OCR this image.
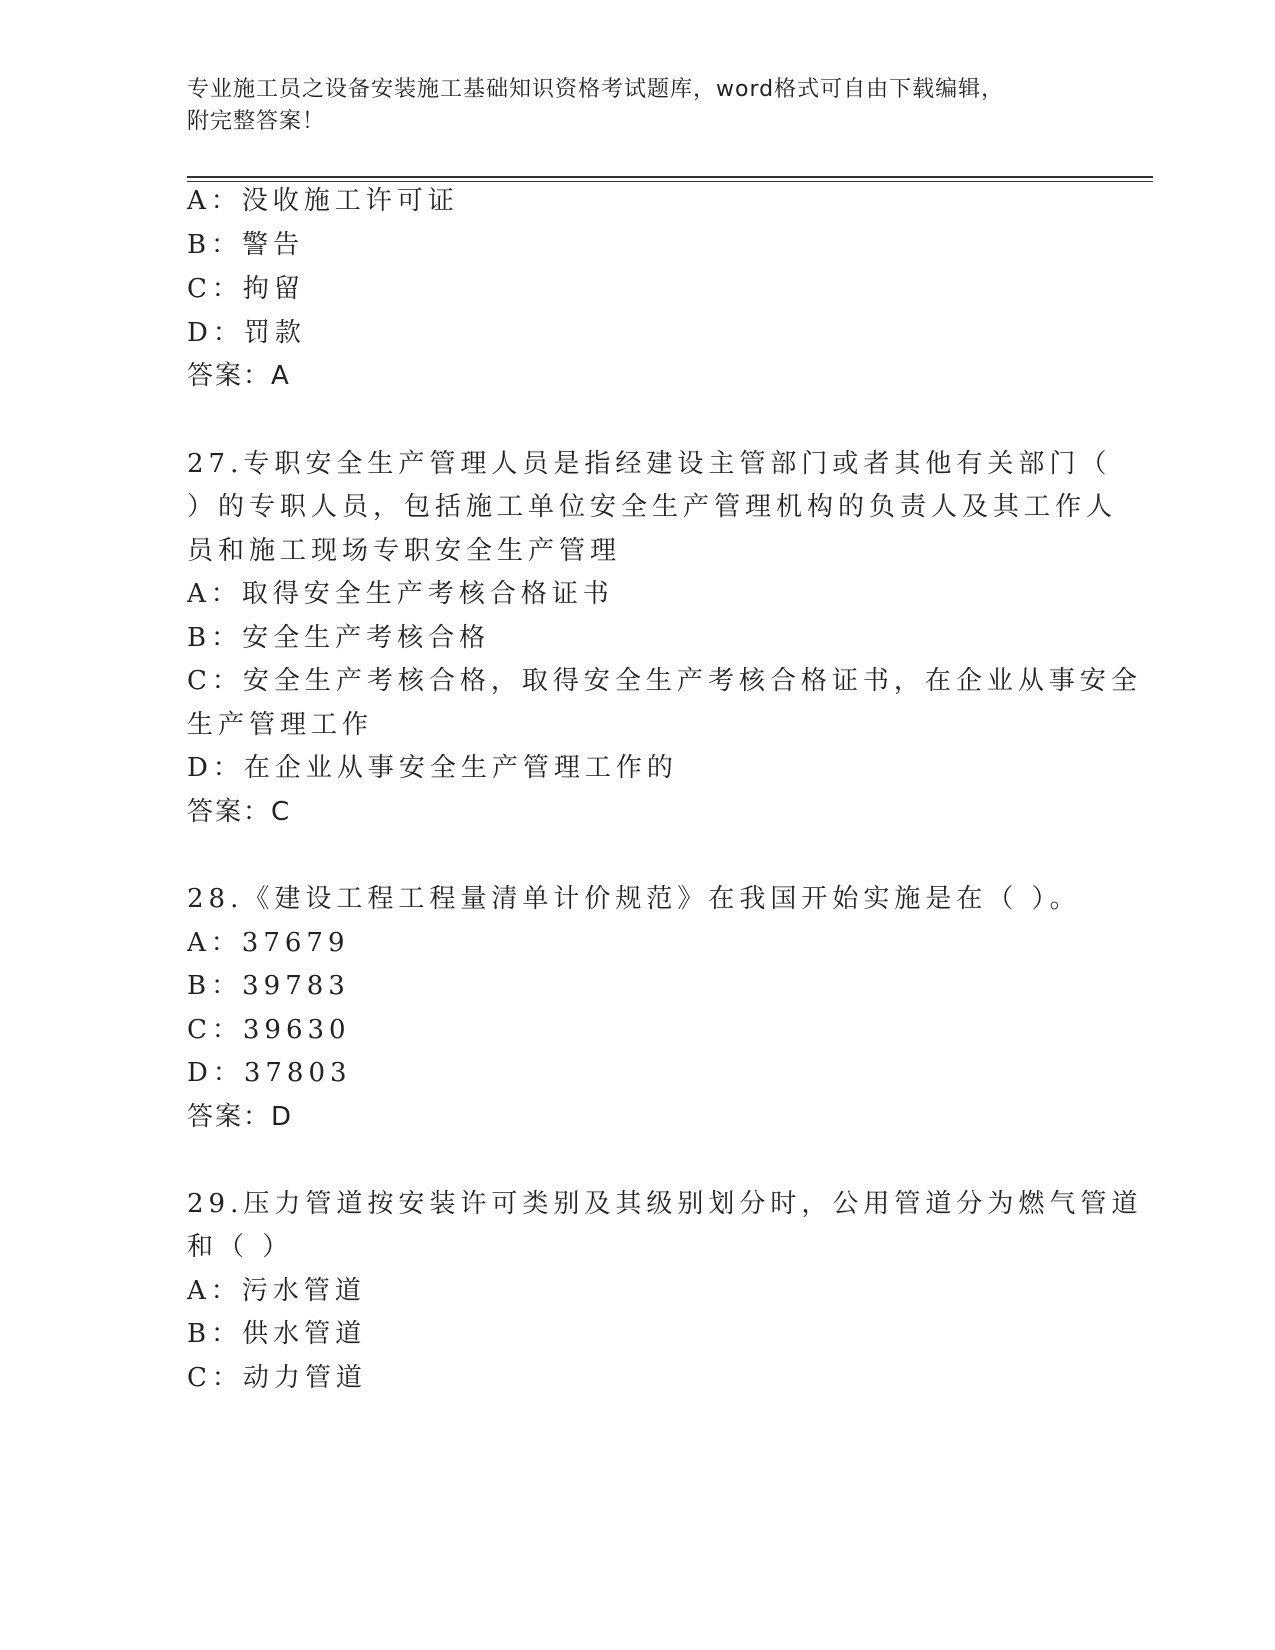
专业施工员之设备安装施工基础知识资格考试题库，word格式可自由下载编辑，
附完整答案！
A：没收施工许可证
B：警告
C：拘留
D：罚款
答案：A
27.专职安全生产管理人员是指经建设主管部门或者其他有关部门（
）的专职人员，包括施工单位安全生产管理机构的负责人及其工作人
员和施工现场专职安全生产管理
A：取得安全生产考核合格证书
B：安全生产考核合格
C：安全生产考核合格，取得安全生产考核合格证书，在企业从事安全
生产管理工作
D：在企业从事安全生产管理工作的
答案：C
28.《建设工程工程量清单计价规范》在我国开始实施是在（ ）。
A：37679
B：39783
C：39630
D：37803
答案：D
29.压力管道按安装许可类别及其级别划分时，公用管道分为燃气管道
和（ ）
A：污水管道
B：供水管道
C：动力管道
